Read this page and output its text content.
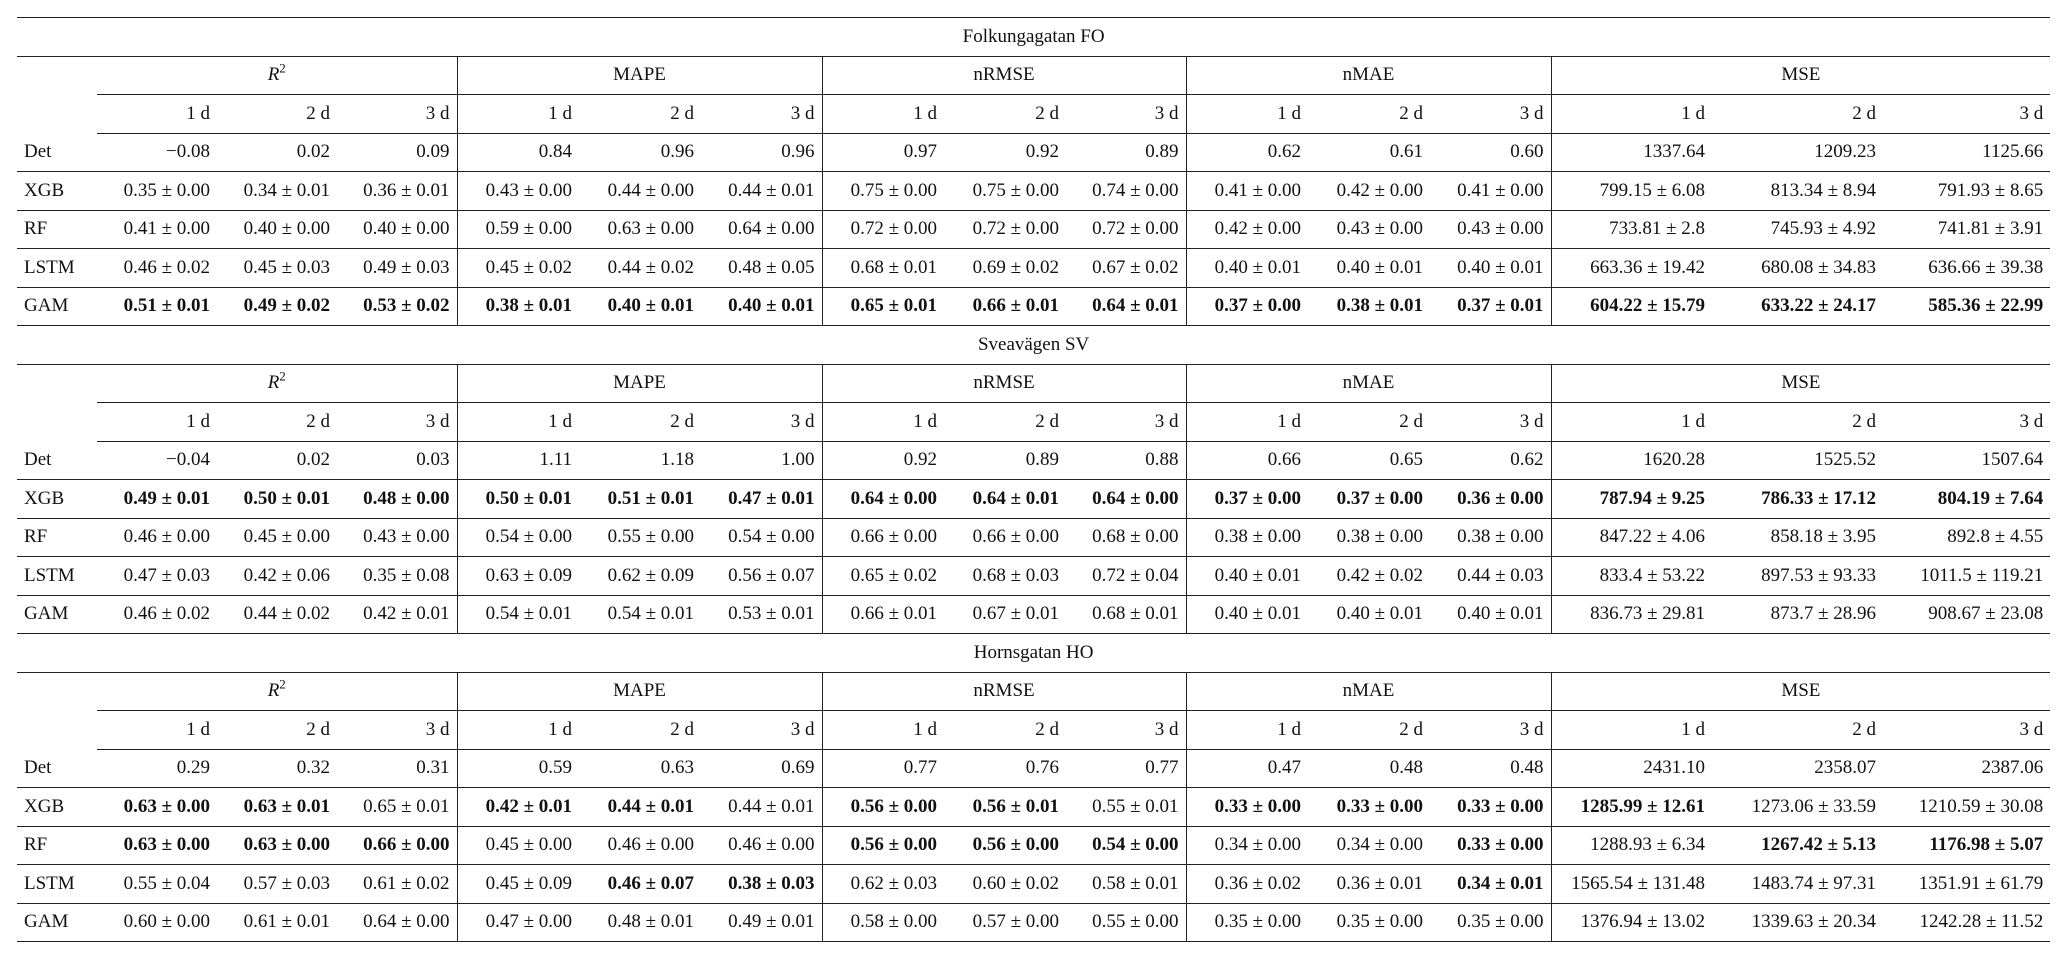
Folkungagatan FO															
	$R^2$			MAPE			nRMSE			nMAE			MSE		
	1 d	2 d	3 d	1 d	2 d	3 d	1 d	2 d	3 d	1 d	2 d	3 d	1 d	2 d	3 d
Det	−0.08	0.02	0.09	0.84	0.96	0.96	0.97	0.92	0.89	0.62	0.61	0.60	1337.64	1209.23	1125.66
XGB	0.35 ± 0.00	0.34 ± 0.01	0.36 ± 0.01	0.43 ± 0.00	0.44 ± 0.00	0.44 ± 0.01	0.75 ± 0.00	0.75 ± 0.00	0.74 ± 0.00	0.41 ± 0.00	0.42 ± 0.00	0.41 ± 0.00	799.15 ± 6.08	813.34 ± 8.94	791.93 ± 8.65
RF	0.41 ± 0.00	0.40 ± 0.00	0.40 ± 0.00	0.59 ± 0.00	0.63 ± 0.00	0.64 ± 0.00	0.72 ± 0.00	0.72 ± 0.00	0.72 ± 0.00	0.42 ± 0.00	0.43 ± 0.00	0.43 ± 0.00	733.81 ± 2.8	745.93 ± 4.92	741.81 ± 3.91
LSTM	0.46 ± 0.02	0.45 ± 0.03	0.49 ± 0.03	0.45 ± 0.02	0.44 ± 0.02	0.48 ± 0.05	0.68 ± 0.01	0.69 ± 0.02	0.67 ± 0.02	0.40 ± 0.01	0.40 ± 0.01	0.40 ± 0.01	663.36 ± 19.42	680.08 ± 34.83	636.66 ± 39.38
GAM	0.51 ± 0.01	0.49 ± 0.02	0.53 ± 0.02	0.38 ± 0.01	0.40 ± 0.01	0.40 ± 0.01	0.65 ± 0.01	0.66 ± 0.01	0.64 ± 0.01	0.37 ± 0.00	0.38 ± 0.01	0.37 ± 0.01	604.22 ± 15.79	633.22 ± 24.17	585.36 ± 22.99
Sveavägen SV															
	$R^2$			MAPE			nRMSE			nMAE			MSE		
	1 d	2 d	3 d	1 d	2 d	3 d	1 d	2 d	3 d	1 d	2 d	3 d	1 d	2 d	3 d
Det	−0.04	0.02	0.03	1.11	1.18	1.00	0.92	0.89	0.88	0.66	0.65	0.62	1620.28	1525.52	1507.64
XGB	0.49 ± 0.01	0.50 ± 0.01	0.48 ± 0.00	0.50 ± 0.01	0.51 ± 0.01	0.47 ± 0.01	0.64 ± 0.00	0.64 ± 0.01	0.64 ± 0.00	0.37 ± 0.00	0.37 ± 0.00	0.36 ± 0.00	787.94 ± 9.25	786.33 ± 17.12	804.19 ± 7.64
RF	0.46 ± 0.00	0.45 ± 0.00	0.43 ± 0.00	0.54 ± 0.00	0.55 ± 0.00	0.54 ± 0.00	0.66 ± 0.00	0.66 ± 0.00	0.68 ± 0.00	0.38 ± 0.00	0.38 ± 0.00	0.38 ± 0.00	847.22 ± 4.06	858.18 ± 3.95	892.8 ± 4.55
LSTM	0.47 ± 0.03	0.42 ± 0.06	0.35 ± 0.08	0.63 ± 0.09	0.62 ± 0.09	0.56 ± 0.07	0.65 ± 0.02	0.68 ± 0.03	0.72 ± 0.04	0.40 ± 0.01	0.42 ± 0.02	0.44 ± 0.03	833.4 ± 53.22	897.53 ± 93.33	1011.5 ± 119.21
GAM	0.46 ± 0.02	0.44 ± 0.02	0.42 ± 0.01	0.54 ± 0.01	0.54 ± 0.01	0.53 ± 0.01	0.66 ± 0.01	0.67 ± 0.01	0.68 ± 0.01	0.40 ± 0.01	0.40 ± 0.01	0.40 ± 0.01	836.73 ± 29.81	873.7 ± 28.96	908.67 ± 23.08
Hornsgatan HO															
	$R^2$			MAPE			nRMSE			nMAE			MSE		
	1 d	2 d	3 d	1 d	2 d	3 d	1 d	2 d	3 d	1 d	2 d	3 d	1 d	2 d	3 d
Det	0.29	0.32	0.31	0.59	0.63	0.69	0.77	0.76	0.77	0.47	0.48	0.48	2431.10	2358.07	2387.06
XGB	0.63 ± 0.00	0.63 ± 0.01	0.65 ± 0.01	0.42 ± 0.01	0.44 ± 0.01	0.44 ± 0.01	0.56 ± 0.00	0.56 ± 0.01	0.55 ± 0.01	0.33 ± 0.00	0.33 ± 0.00	0.33 ± 0.00	1285.99 ± 12.61	1273.06 ± 33.59	1210.59 ± 30.08
RF	0.63 ± 0.00	0.63 ± 0.00	0.66 ± 0.00	0.45 ± 0.00	0.46 ± 0.00	0.46 ± 0.00	0.56 ± 0.00	0.56 ± 0.00	0.54 ± 0.00	0.34 ± 0.00	0.34 ± 0.00	0.33 ± 0.00	1288.93 ± 6.34	1267.42 ± 5.13	1176.98 ± 5.07
LSTM	0.55 ± 0.04	0.57 ± 0.03	0.61 ± 0.02	0.45 ± 0.09	0.46 ± 0.07	0.38 ± 0.03	0.62 ± 0.03	0.60 ± 0.02	0.58 ± 0.01	0.36 ± 0.02	0.36 ± 0.01	0.34 ± 0.01	1565.54 ± 131.48	1483.74 ± 97.31	1351.91 ± 61.79
GAM	0.60 ± 0.00	0.61 ± 0.01	0.64 ± 0.00	0.47 ± 0.00	0.48 ± 0.01	0.49 ± 0.01	0.58 ± 0.00	0.57 ± 0.00	0.55 ± 0.00	0.35 ± 0.00	0.35 ± 0.00	0.35 ± 0.00	1376.94 ± 13.02	1339.63 ± 20.34	1242.28 ± 11.52
